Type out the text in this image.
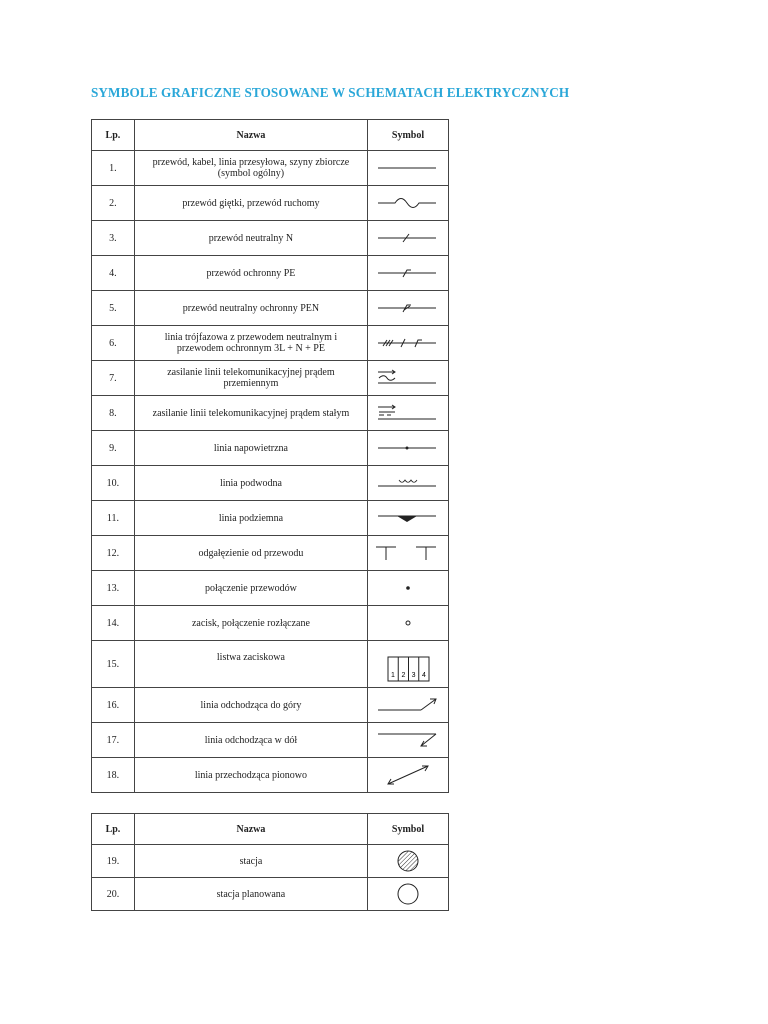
SYMBOLE GRAFICZNE STOSOWANE W SCHEMATACH ELEKTRYCZNYCH
Lp.	Nazwa	Symbol
1.	przewód, kabel, linia przesyłowa, szyny zbiorcze
(symbol ogólny)

2.	przewód giętki, przewód ruchomy	

3.	przewód neutralny N	

4.	przewód ochronny PE	

5.	przewód neutralny ochronny PEN	

6.	linia trójfazowa z przewodem neutralnym i
przewodem ochronnym 3L + N + PE

7.	zasilanie linii telekomunikacyjnej prądem
przemiennym

8.	zasilanie linii telekomunikacyjnej prądem stałym	

9.	linia napowietrzna	

10.	linia podwodna	

11.	linia podziemna	

12.	odgałęzienie od przewodu	

13.	połączenie przewodów	

14.	zacisk, połączenie rozłączane	

15.	listwa zaciskowa	1 2 3 4

16.	linia odchodząca do góry	

17.	linia odchodząca w dół	

18.	linia przechodząca pionowo	
Lp.	Nazwa	Symbol
19.	stacja	

20.	stacja planowana	
